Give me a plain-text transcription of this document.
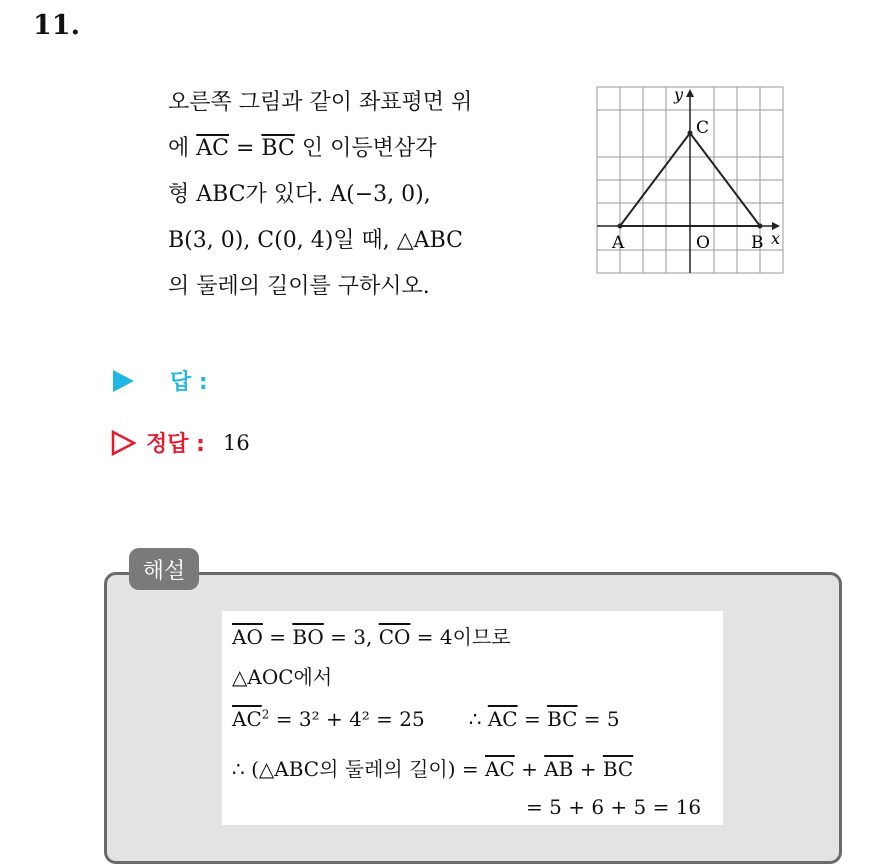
11.
오른쪽 그림과 같이 좌표평면 위
에 $\overline{AC} = \overline{BC}$ 인 이등변삼각
형 ABC가 있다. A(−3, 0),
B(3, 0), C(0, 4)일 때, △ABC
의 둘레의 길이를 구하시오.
A	B
C
O	x
y
답 :
정답 : 16
해설
$\overline{AO} = \overline{BO} = 3$, $\overline{CO} = 4$이므로
△AOC에서
$\overline{AC}^2 = 3^2 + 4^2 = 25$ ∴ $\overline{AC} = \overline{BC} = 5$
∴ (△ABC의 둘레의 길이) = $\overline{AC} + \overline{AB} + \overline{BC}$
= 5 + 6 + 5 = 16
